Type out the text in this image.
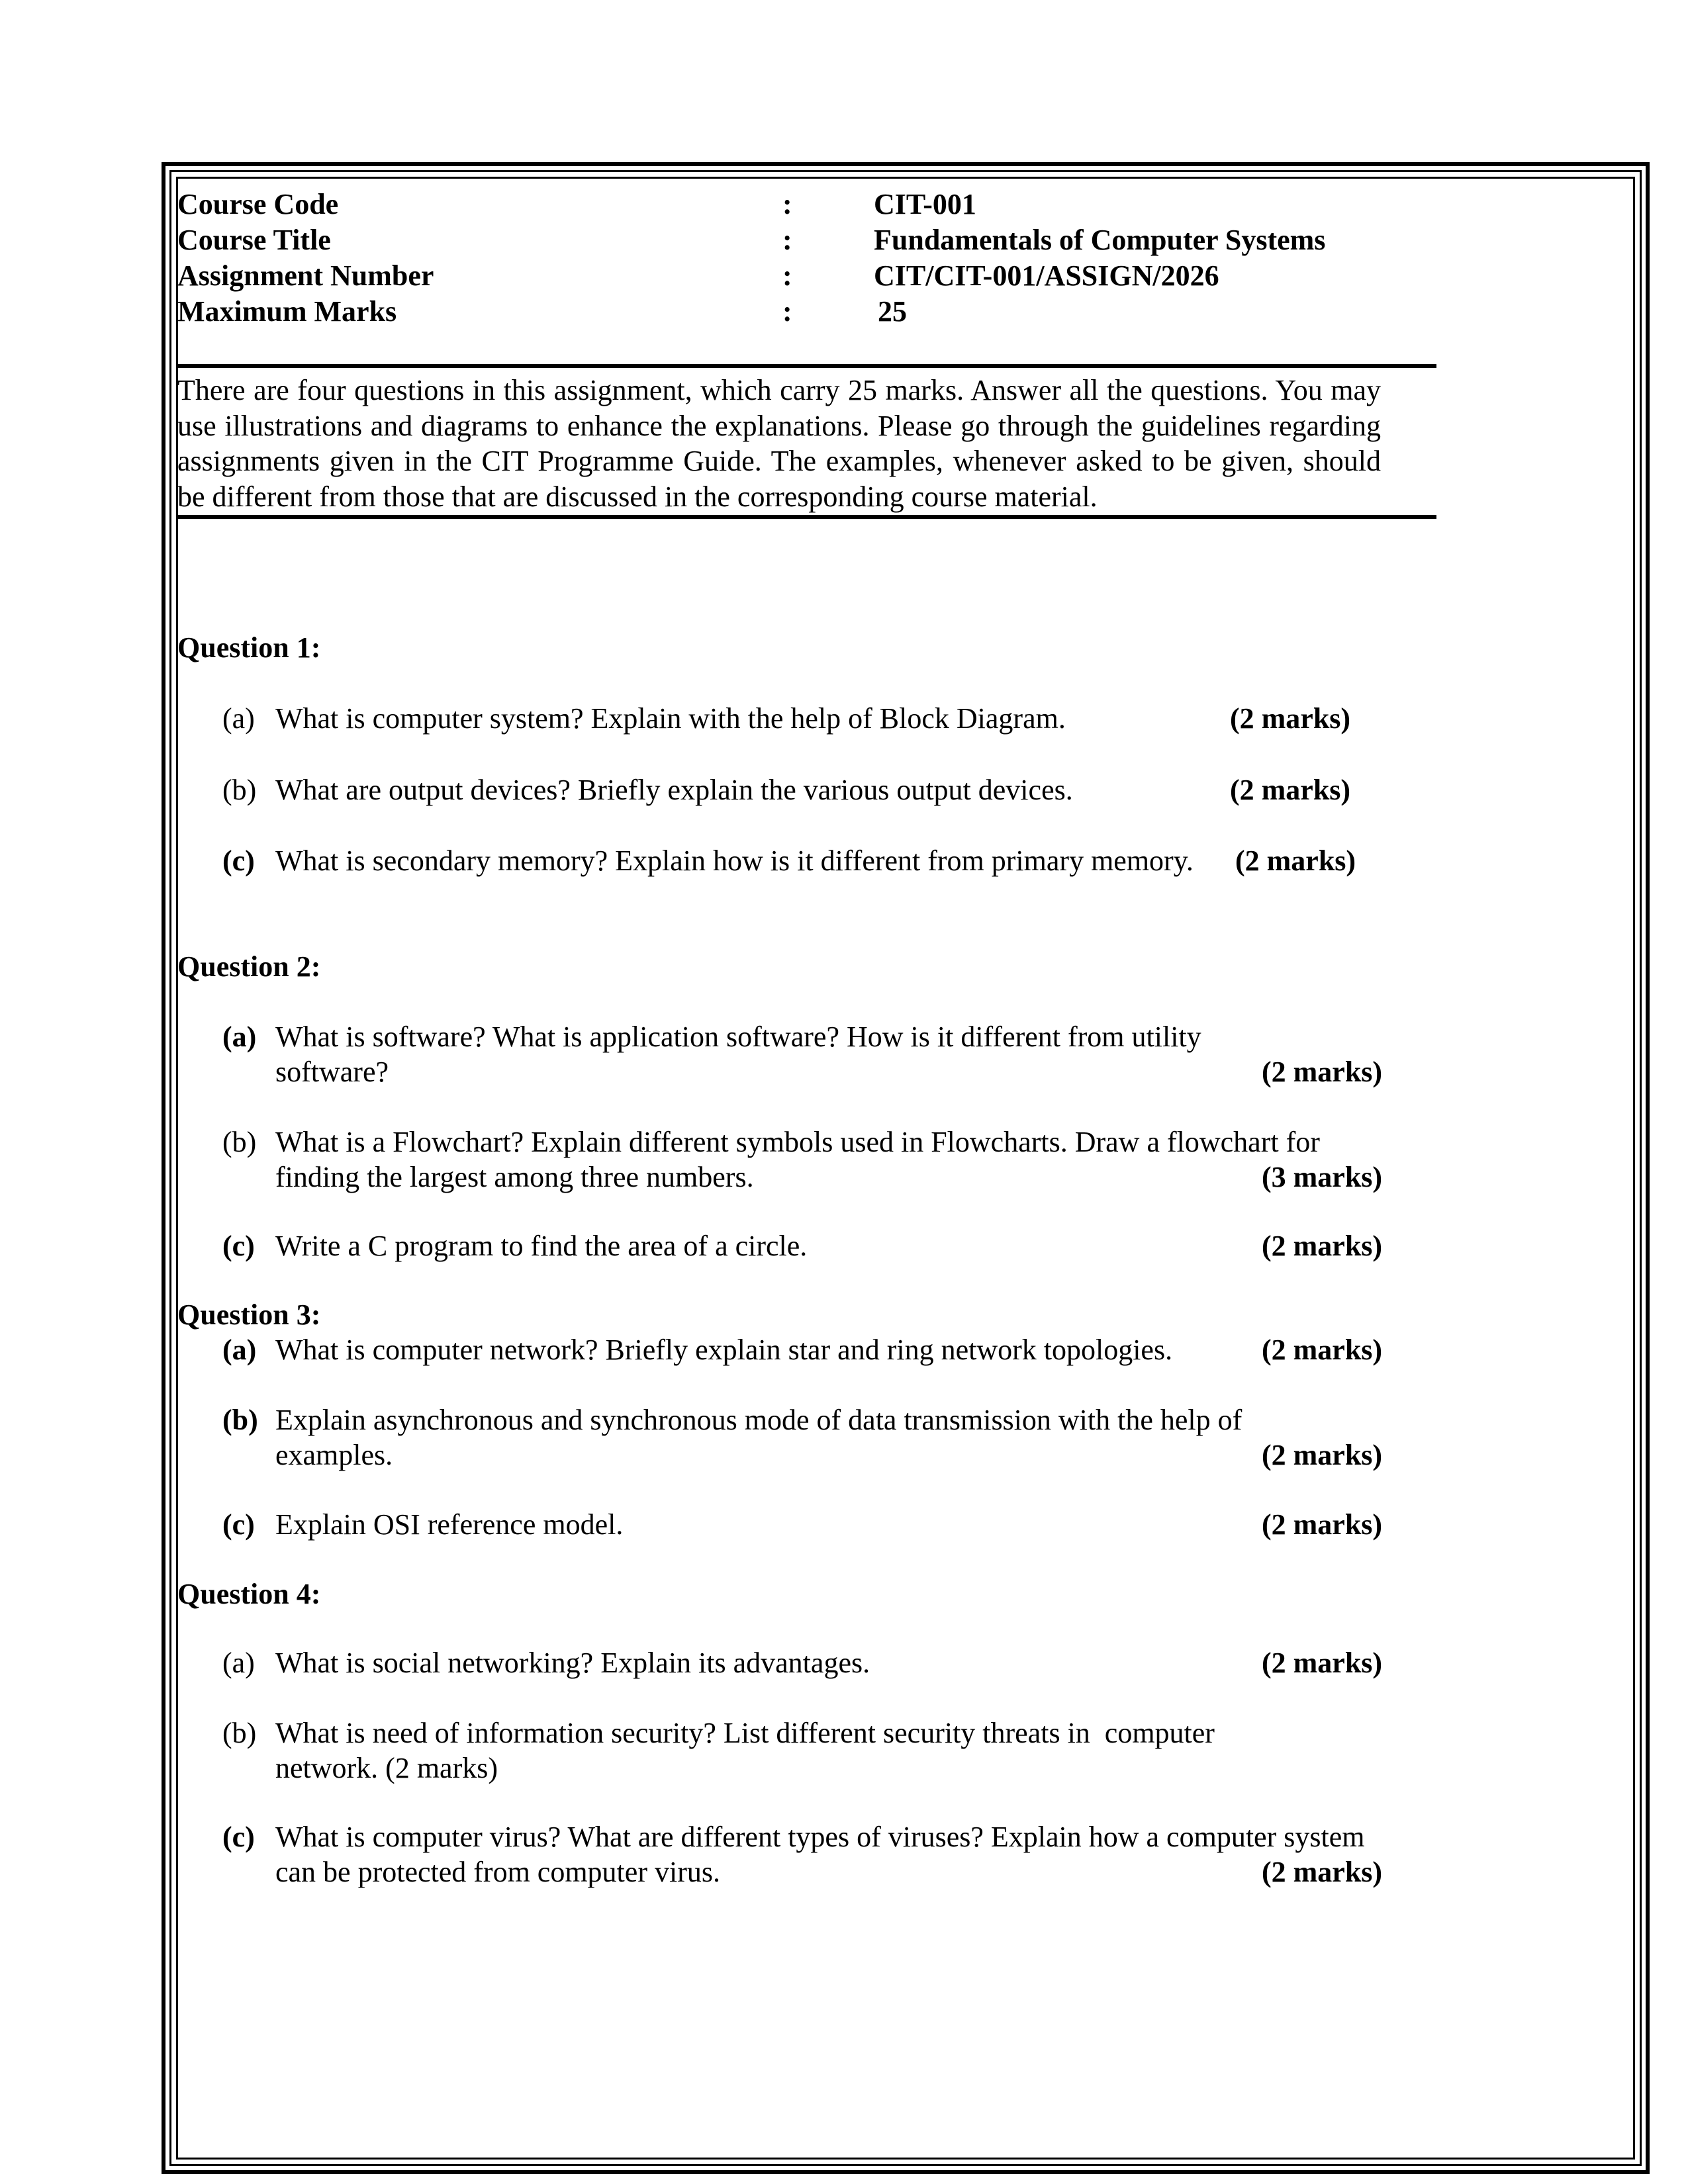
Course Code	:	CIT-001
Course Title	:	Fundamentals of Computer Systems
Assignment Number	:	CIT/CIT-001/ASSIGN/2026
Maximum Marks	:	25
There are four questions in this assignment, which carry 25 marks. Answer all the questions. You may use illustrations and diagrams to enhance the explanations. Please go through the guidelines regarding assignments given in the CIT Programme Guide. The examples, whenever asked to be given, should be different from those that are discussed in the corresponding course material.
Question 1:
(a) What is computer system? Explain with the help of Block Diagram.	(2 marks)
(b) What are output devices? Briefly explain the various output devices.	(2 marks)
(c) What is secondary memory? Explain how is it different from primary memory. (2 marks)
Question 2:
(a) What is software? What is application software? How is it different from utility
software?	(2 marks)
(b) What is a Flowchart? Explain different symbols used in Flowcharts. Draw a flowchart for
finding the largest among three numbers.	(3 marks)
(c) Write a C program to find the area of a circle.	(2 marks)
Question 3:
(a) What is computer network? Briefly explain star and ring network topologies.	(2 marks)
(b) Explain asynchronous and synchronous mode of data transmission with the help of
examples.	(2 marks)
(c) Explain OSI reference model.	(2 marks)
Question 4:
(a) What is social networking? Explain its advantages.	(2 marks)
(b) What is need of information security? List different security threats in  computer
network. (2 marks)
(c) What is computer virus? What are different types of viruses? Explain how a computer system
can be protected from computer virus.	(2 marks)
